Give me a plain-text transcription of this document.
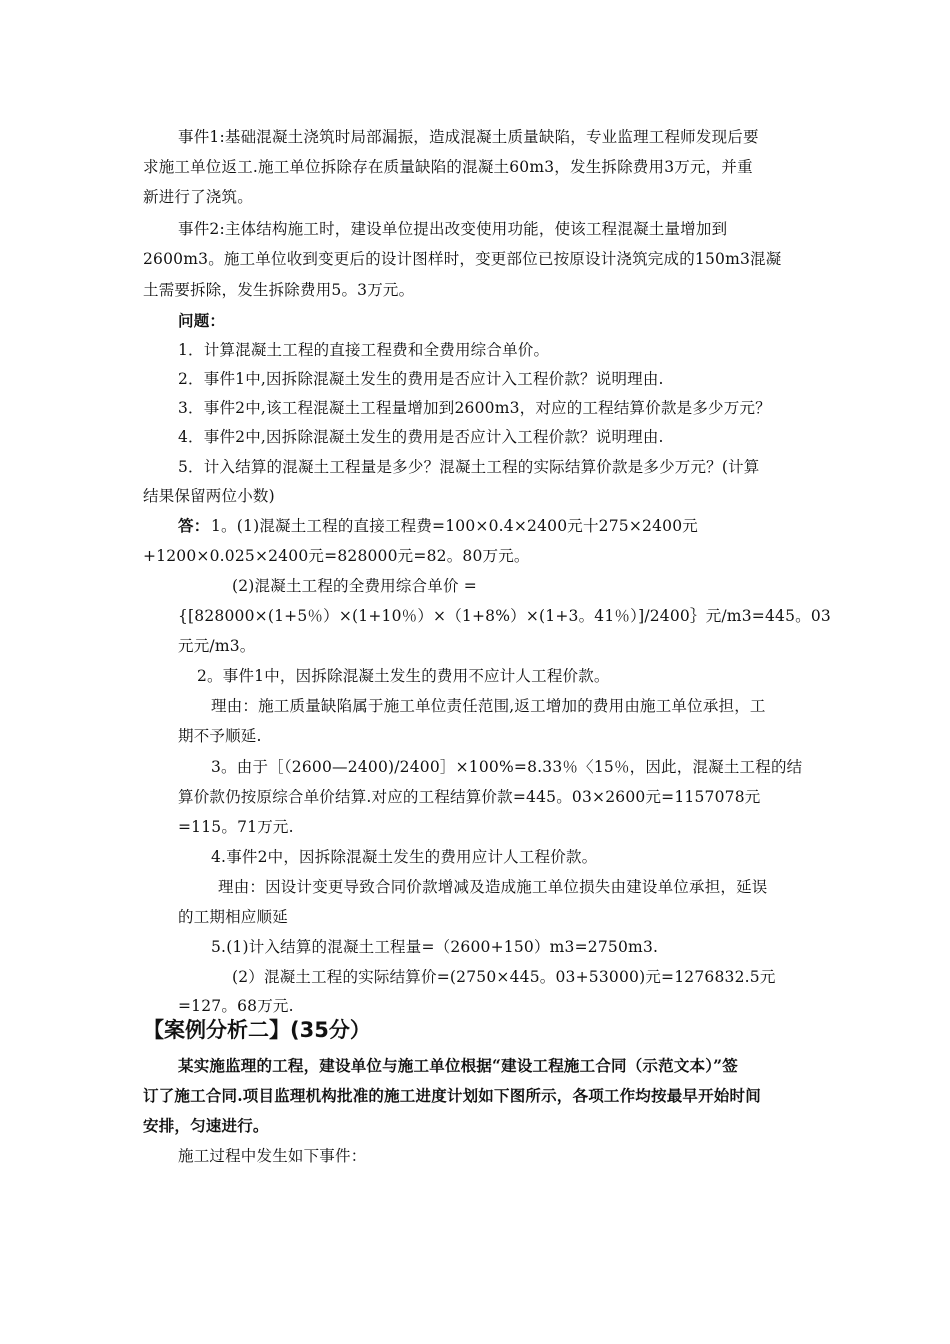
事件1:基础混凝土浇筑时局部漏振，造成混凝土质量缺陷，专业监理工程师发现后要
求施工单位返工.施工单位拆除存在质量缺陷的混凝土60m3，发生拆除费用3万元，并重
新进行了浇筑。
事件2:主体结构施工时，建设单位提出改变使用功能，使该工程混凝土量增加到
2600m3。施工单位收到变更后的设计图样时，变更部位已按原设计浇筑完成的150m3混凝
土需要拆除，发生拆除费用5。3万元。
问题：
1．计算混凝土工程的直接工程费和全费用综合单价。
2．事件1中,因拆除混凝土发生的费用是否应计入工程价款？说明理由.
3．事件2中,该工程混凝土工程量增加到2600m3，对应的工程结算价款是多少万元？
4．事件2中,因拆除混凝土发生的费用是否应计入工程价款？说明理由.
5．计入结算的混凝土工程量是多少？混凝土工程的实际结算价款是多少万元？(计算
结果保留两位小数)
答： 1。(1)混凝土工程的直接工程费=100×0.4×2400元十275×2400元
+1200×0.025×2400元=828000元=82。80万元。
(2)混凝土工程的全费用综合单价 =
{[828000×(1+5％）×(1+10％）×（1+8%）×(1+3。41％）]/2400｝元/m3=445。03
元元/m3。
2。事件1中，因拆除混凝土发生的费用不应计人工程价款。
理由：施工质量缺陷属于施工单位责任范围,返工增加的费用由施工单位承担，工
期不予顺延.
3。由于［（2600—2400)/2400］×100%=8.33％〈15％，因此，混凝土工程的结
算价款仍按原综合单价结算.对应的工程结算价款=445。03×2600元=1157078元
=115。71万元.
4.事件2中，因拆除混凝土发生的费用应计人工程价款。
理由：因设计变更导致合同价款增减及造成施工单位损失由建设单位承担，延误
的工期相应顺延
5.(1)计入结算的混凝土工程量=（2600+150）m3=2750m3.
(2）混凝土工程的实际结算价=(2750×445。03+53000)元=1276832.5元
=127。68万元.
【案例分析二】(35分）
某实施监理的工程，建设单位与施工单位根据“建设工程施工合同（示范文本）”签
订了施工合同.项目监理机构批准的施工进度计划如下图所示，各项工作均按最早开始时间
安排，匀速进行。
施工过程中发生如下事件：
